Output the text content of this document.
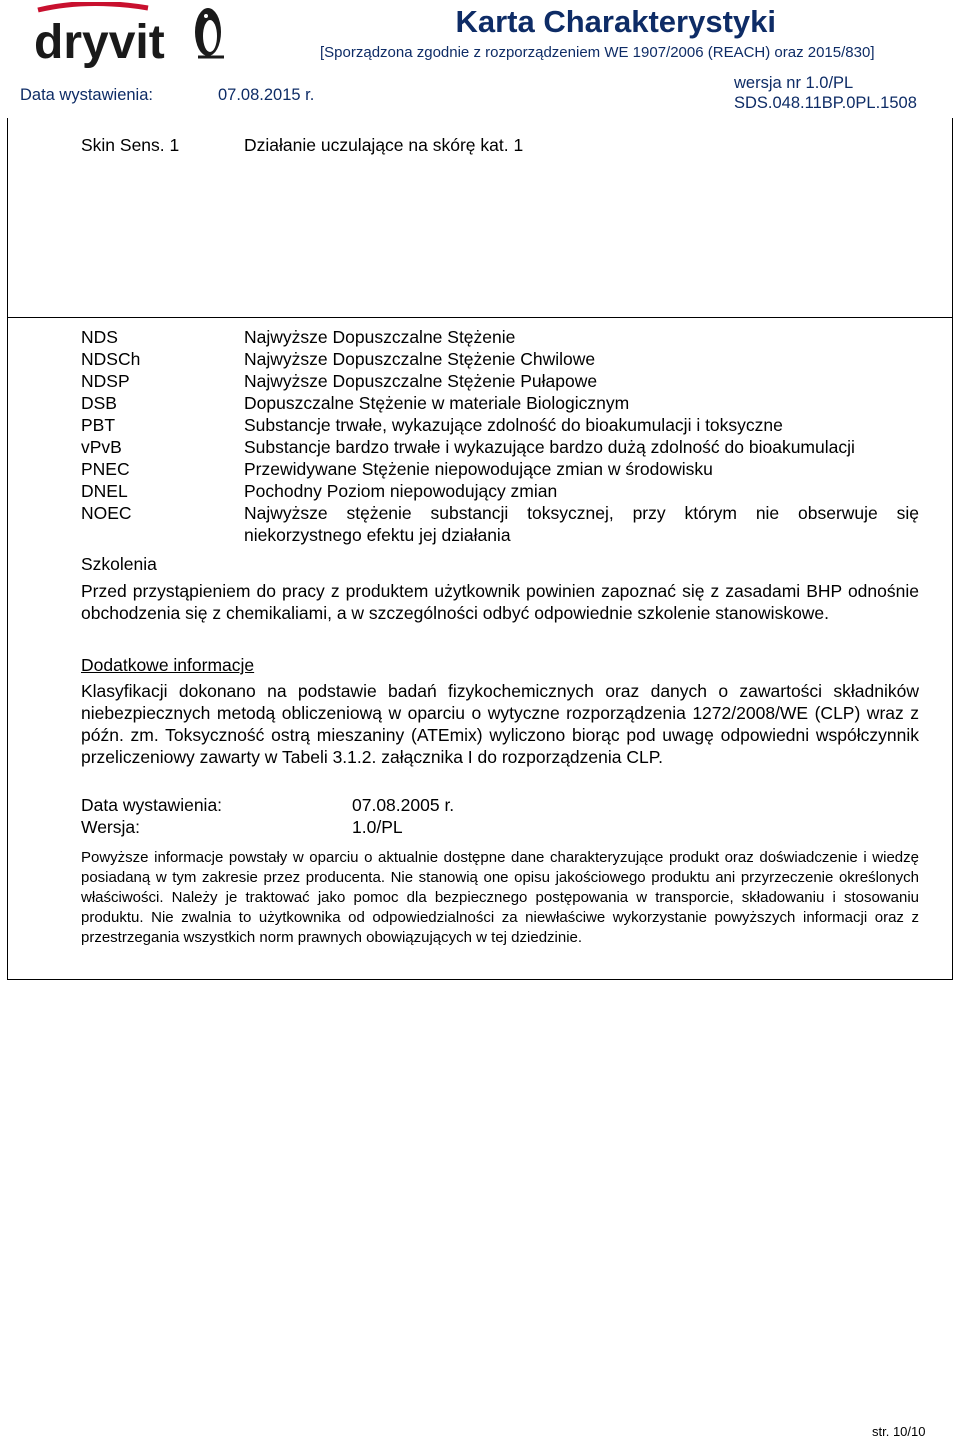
dryvit	Karta Charakterystyki
[Sporządzona zgodnie z rozporządzeniem WE 1907/2006 (REACH) oraz 2015/830]
Data wystawienia:	07.08.2015 r.
wersja nr 1.0/PL
SDS.048.11BP.0PL.1508
Skin Sens. 1	Działanie uczulające na skórę kat. 1
NDS	Najwyższe Dopuszczalne Stężenie
NDSCh	Najwyższe Dopuszczalne Stężenie Chwilowe
NDSP	Najwyższe Dopuszczalne Stężenie Pułapowe
DSB	Dopuszczalne Stężenie w materiale Biologicznym
PBT	Substancje trwałe, wykazujące zdolność do bioakumulacji i toksyczne
vPvB	Substancje bardzo trwałe i wykazujące bardzo dużą zdolność do bioakumulacji
PNEC	Przewidywane Stężenie niepowodujące zmian w środowisku
DNEL	Pochodny Poziom niepowodujący zmian
NOEC	Najwyższe stężenie substancji toksycznej, przy którym nie obserwuje się
niekorzystnego efektu jej działania
Szkolenia
Przed przystąpieniem do pracy z produktem użytkownik powinien zapoznać się z zasadami BHP odnośnie obchodzenia się z chemikaliami, a w szczególności odbyć odpowiednie szkolenie stanowiskowe.
Dodatkowe informacje
Klasyfikacji dokonano na podstawie badań fizykochemicznych oraz danych o zawartości składników niebezpiecznych metodą obliczeniową w oparciu o wytyczne rozporządzenia 1272/2008/WE (CLP) wraz z późn. zm. Toksyczność ostrą mieszaniny (ATEmix) wyliczono biorąc pod uwagę odpowiedni współczynnik przeliczeniowy zawarty w Tabeli 3.1.2. załącznika I do rozporządzenia CLP.
Data wystawienia:	07.08.2005 r.
Wersja:	1.0/PL
Powyższe informacje powstały w oparciu o aktualnie dostępne dane charakteryzujące produkt oraz doświadczenie i wiedzę posiadaną w tym zakresie przez producenta. Nie stanowią one opisu jakościowego produktu ani przyrzeczenie określonych właściwości. Należy je traktować jako pomoc dla bezpiecznego postępowania w transporcie, składowaniu i stosowaniu produktu. Nie zwalnia to użytkownika od odpowiedzialności za niewłaściwe wykorzystanie powyższych informacji oraz z przestrzegania wszystkich norm prawnych obowiązujących w tej dziedzinie.
str. 10/10
